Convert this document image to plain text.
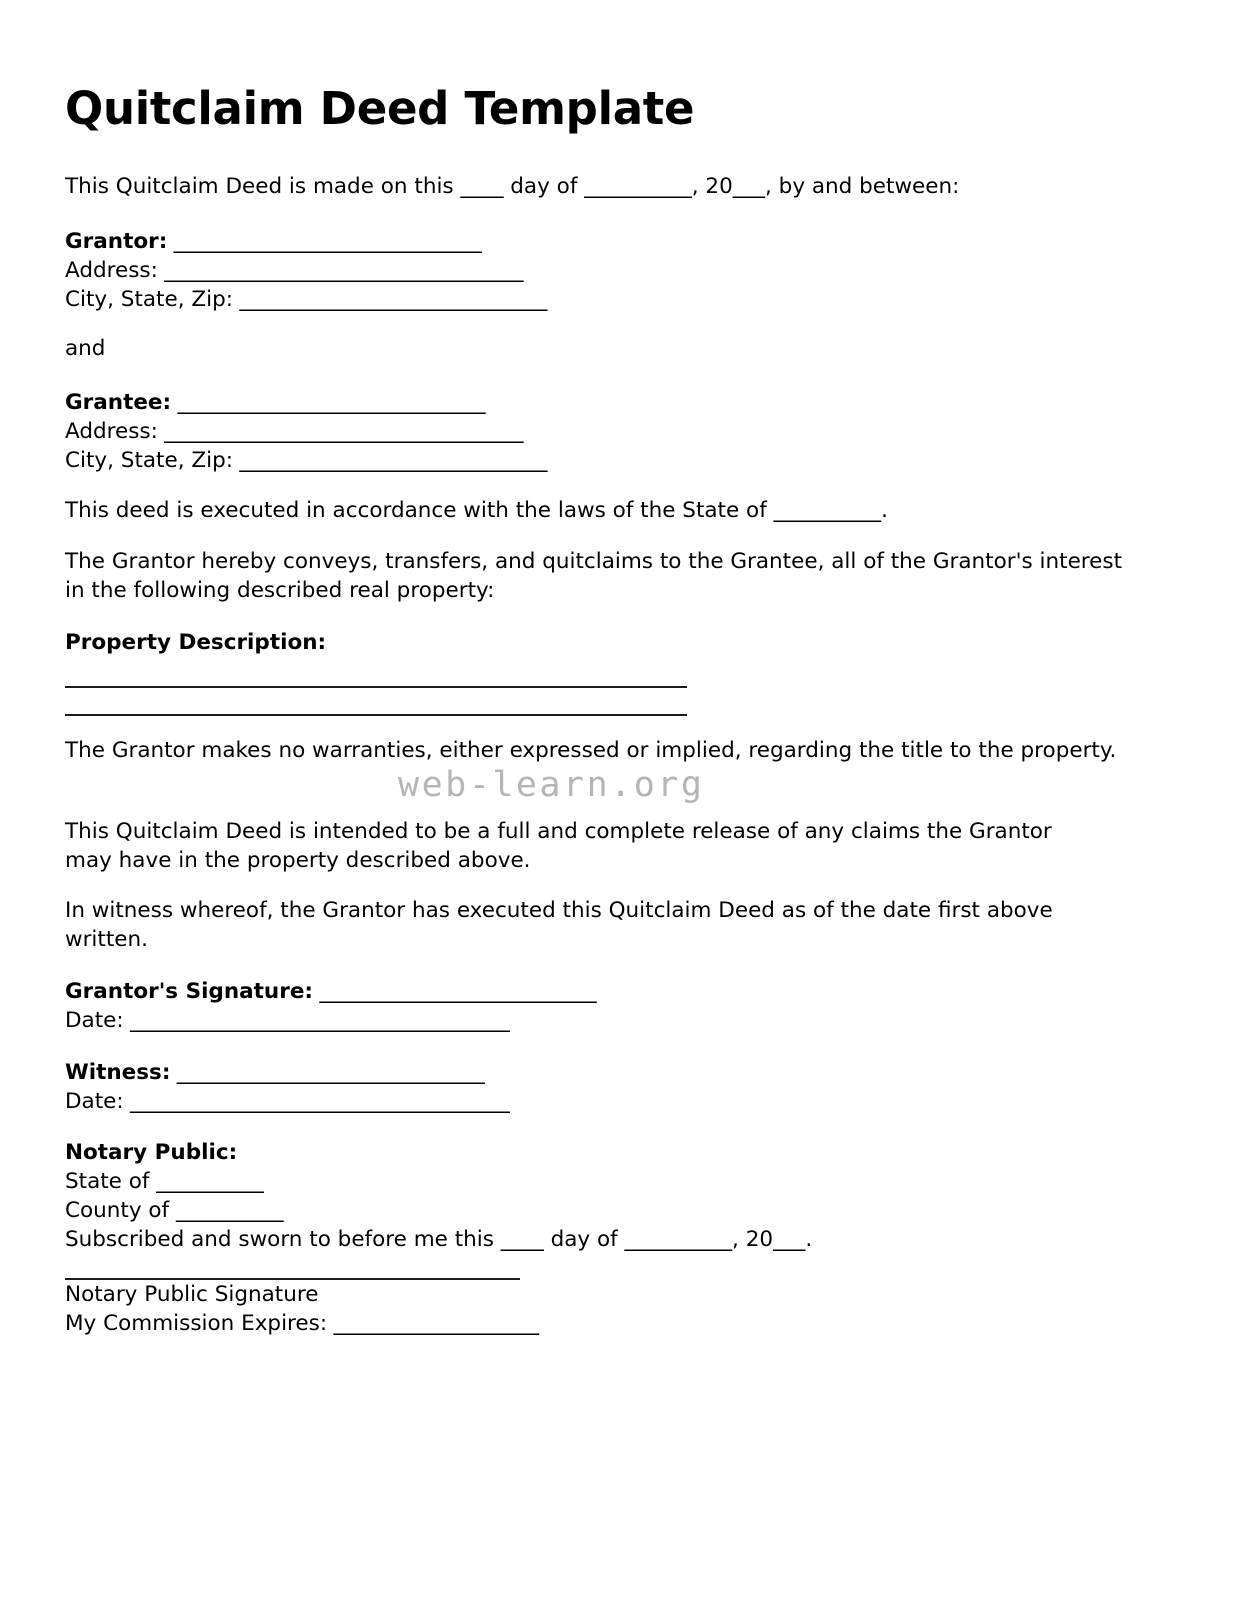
Quitclaim Deed Template

This Quitclaim Deed is made on this ____ day of __________, 20___, by and between:

Grantor: ______________________________
Address: ___________________________________
City, State, Zip: ______________________________
and
Grantee: ______________________________
Address: ___________________________________
City, State, Zip: ______________________________

This deed is executed in accordance with the laws of the State of __________.

The Grantor hereby conveys, transfers, and quitclaims to the Grantee, all of the Grantor's interest in the following described real property:

Property Description:

The Grantor makes no warranties, either expressed or implied, regarding the title to the property.

web-learn.org

This Quitclaim Deed is intended to be a full and complete release of any claims the Grantor may have in the property described above.

In witness whereof, the Grantor has executed this Quitclaim Deed as of the date first above written.

Grantor's Signature: ___________________________
Date: _____________________________________
Witness: ______________________________
Date: _____________________________________
Notary Public:
State of __________
County of __________
Subscribed and sworn to before me this ____ day of __________, 20___.
Notary Public Signature
My Commission Expires: ____________________
